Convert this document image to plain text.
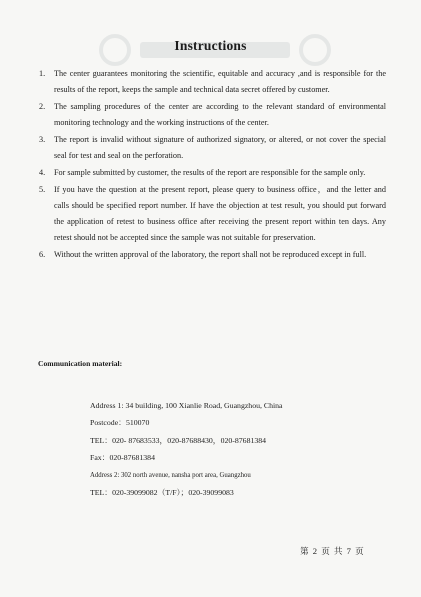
Instructions
1. The center guarantees monitoring the scientific, equitable and accuracy ,and is responsible for the results of the report, keeps the sample and technical data secret offered by customer.
2. The sampling procedures of the center are according to the relevant standard of environmental monitoring technology and the working instructions of the center.
3. The report is invalid without signature of authorized signatory, or altered, or not cover the special seal for test and seal on the perforation.
4. For sample submitted by customer, the results of the report are responsible for the sample only.
5. If you have the question at the present report, please query to business office，and the letter and calls should be specified report number. If have the objection at test result, you should put forward the application of retest to business office after receiving the present report within ten days. Any retest should not be accepted since the sample was not suitable for preservation.
6. Without the written approval of the laboratory, the report shall not be reproduced except in full.
Communication material:
Address 1: 34 building, 100 Xianlie Road, Guangzhou, China
Postcode：510070
TEL：020- 87683533，020-87688430，020-87681384
Fax：020-87681384
Address 2: 302 north avenue, nansha port area, Guangzhou
TEL：020-39099082（T/F）；020-39099083
第 2 页 共 7 页
